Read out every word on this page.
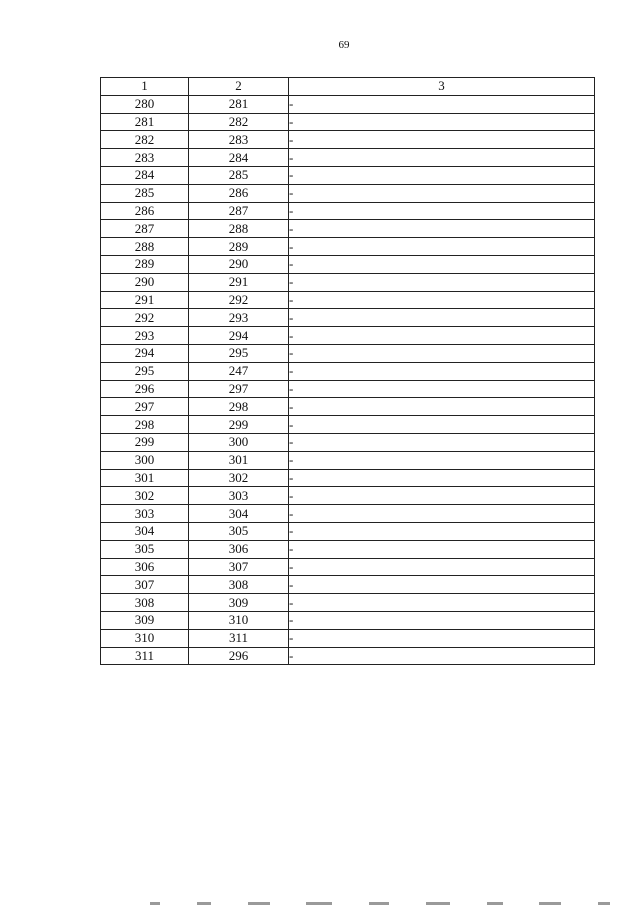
69
1	2	3
280	281	-
281	282	-
282	283	-
283	284	-
284	285	-
285	286	-
286	287	-
287	288	-
288	289	-
289	290	-
290	291	-
291	292	-
292	293	-
293	294	-
294	295	-
295	247	-
296	297	-
297	298	-
298	299	-
299	300	-
300	301	-
301	302	-
302	303	-
303	304	-
304	305	-
305	306	-
306	307	-
307	308	-
308	309	-
309	310	-
310	311	-
311	296	-
